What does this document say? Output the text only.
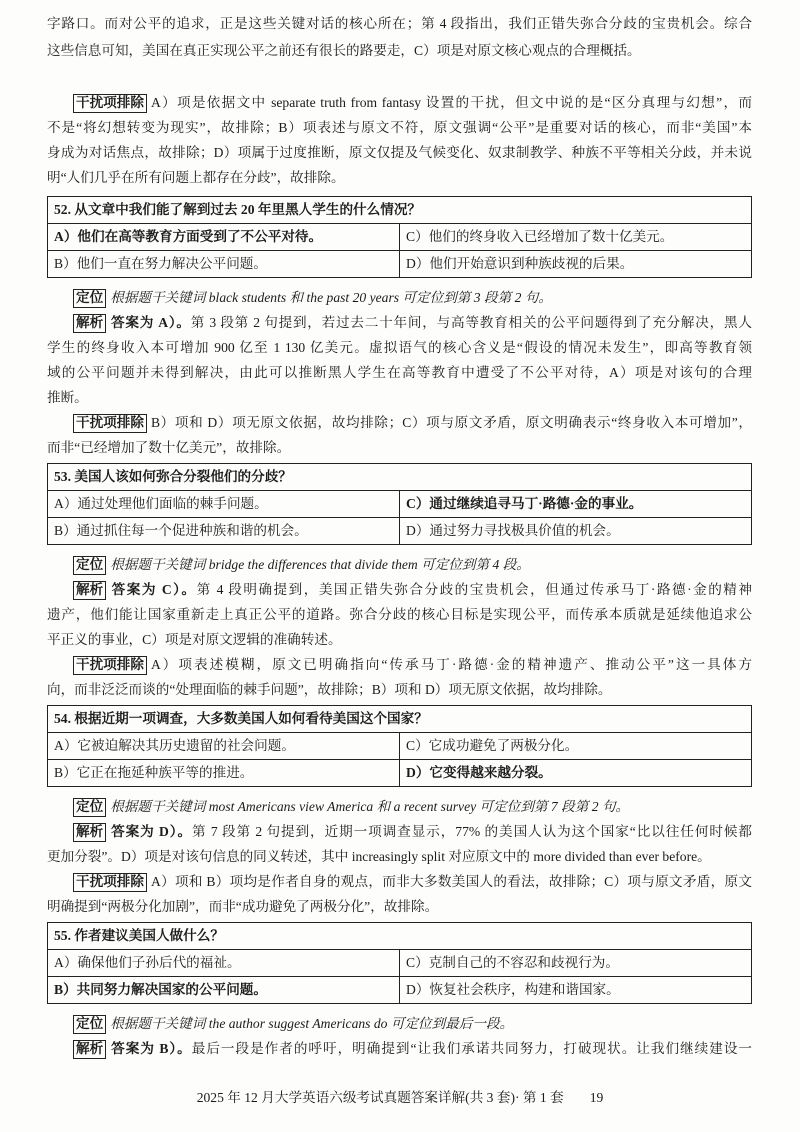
字路口。而对公平的追求，正是这些关键对话的核心所在；第 4 段指出，我们正错失弥合分歧的宝贵机会。综合
这些信息可知，美国在真正实现公平之前还有很长的路要走，C）项是对原文核心观点的合理概括。
干扰项排除 A）项是依据文中 separate truth from fantasy 设置的干扰，但文中说的是“区分真理与幻想”，而
不是“将幻想转变为现实”，故排除；B）项表述与原文不符，原文强调“公平”是重要对话的核心，而非“美国”本
身成为对话焦点，故排除；D）项属于过度推断，原文仅提及气候变化、奴隶制教学、种族不平等相关分歧，并未说
明“人们几乎在所有问题上都存在分歧”，故排除。
52. 从文章中我们能了解到过去 20 年里黑人学生的什么情况？	
A）他们在高等教育方面受到了不公平对待。	C）他们的终身收入已经增加了数十亿美元。
B）他们一直在努力解决公平问题。	D）他们开始意识到种族歧视的后果。
定位 根据题干关键词 black students 和 the past 20 years 可定位到第 3 段第 2 句。
解析 答案为 A）。第 3 段第 2 句提到，若过去二十年间，与高等教育相关的公平问题得到了充分解决，黑人
学生的终身收入本可增加 900 亿至 1 130 亿美元。虚拟语气的核心含义是“假设的情况未发生”，即高等教育领
域的公平问题并未得到解决，由此可以推断黑人学生在高等教育中遭受了不公平对待，A）项是对该句的合理
推断。
干扰项排除 B）项和 D）项无原文依据，故均排除；C）项与原文矛盾，原文明确表示“终身收入本可增加”，
而非“已经增加了数十亿美元”，故排除。
53. 美国人该如何弥合分裂他们的分歧？	
A）通过处理他们面临的棘手问题。	C）通过继续追寻马丁·路德·金的事业。
B）通过抓住每一个促进种族和谐的机会。	D）通过努力寻找极具价值的机会。
定位 根据题干关键词 bridge the differences that divide them 可定位到第 4 段。
解析 答案为 C）。第 4 段明确提到，美国正错失弥合分歧的宝贵机会，但通过传承马丁·路德·金的精神
遗产，他们能让国家重新走上真正公平的道路。弥合分歧的核心目标是实现公平，而传承本质就是延续他追求公
平正义的事业，C）项是对原文逻辑的准确转述。
干扰项排除 A）项表述模糊，原文已明确指向“传承马丁·路德·金的精神遗产、推动公平”这一具体方
向，而非泛泛而谈的“处理面临的棘手问题”，故排除；B）项和 D）项无原文依据，故均排除。
54. 根据近期一项调查，大多数美国人如何看待美国这个国家？	
A）它被迫解决其历史遗留的社会问题。	C）它成功避免了两极分化。
B）它正在拖延种族平等的推进。	D）它变得越来越分裂。
定位 根据题干关键词 most Americans view America 和 a recent survey 可定位到第 7 段第 2 句。
解析 答案为 D）。第 7 段第 2 句提到，近期一项调查显示，77% 的美国人认为这个国家“比以往任何时候都
更加分裂”。D）项是对该句信息的同义转述，其中 increasingly split 对应原文中的 more divided than ever before。
干扰项排除 A）项和 B）项均是作者自身的观点，而非大多数美国人的看法，故排除；C）项与原文矛盾，原文
明确提到“两极分化加剧”，而非“成功避免了两极分化”，故排除。
55. 作者建议美国人做什么？	
A）确保他们子孙后代的福祉。	C）克制自己的不容忍和歧视行为。
B）共同努力解决国家的公平问题。	D）恢复社会秩序，构建和谐国家。
定位 根据题干关键词 the author suggest Americans do 可定位到最后一段。
解析 答案为 B）。最后一段是作者的呼吁，明确提到“让我们承诺共同努力，打破现状。让我们继续建设一
2025 年 12 月大学英语六级考试真题答案详解(共 3 套)· 第 1 套 19
